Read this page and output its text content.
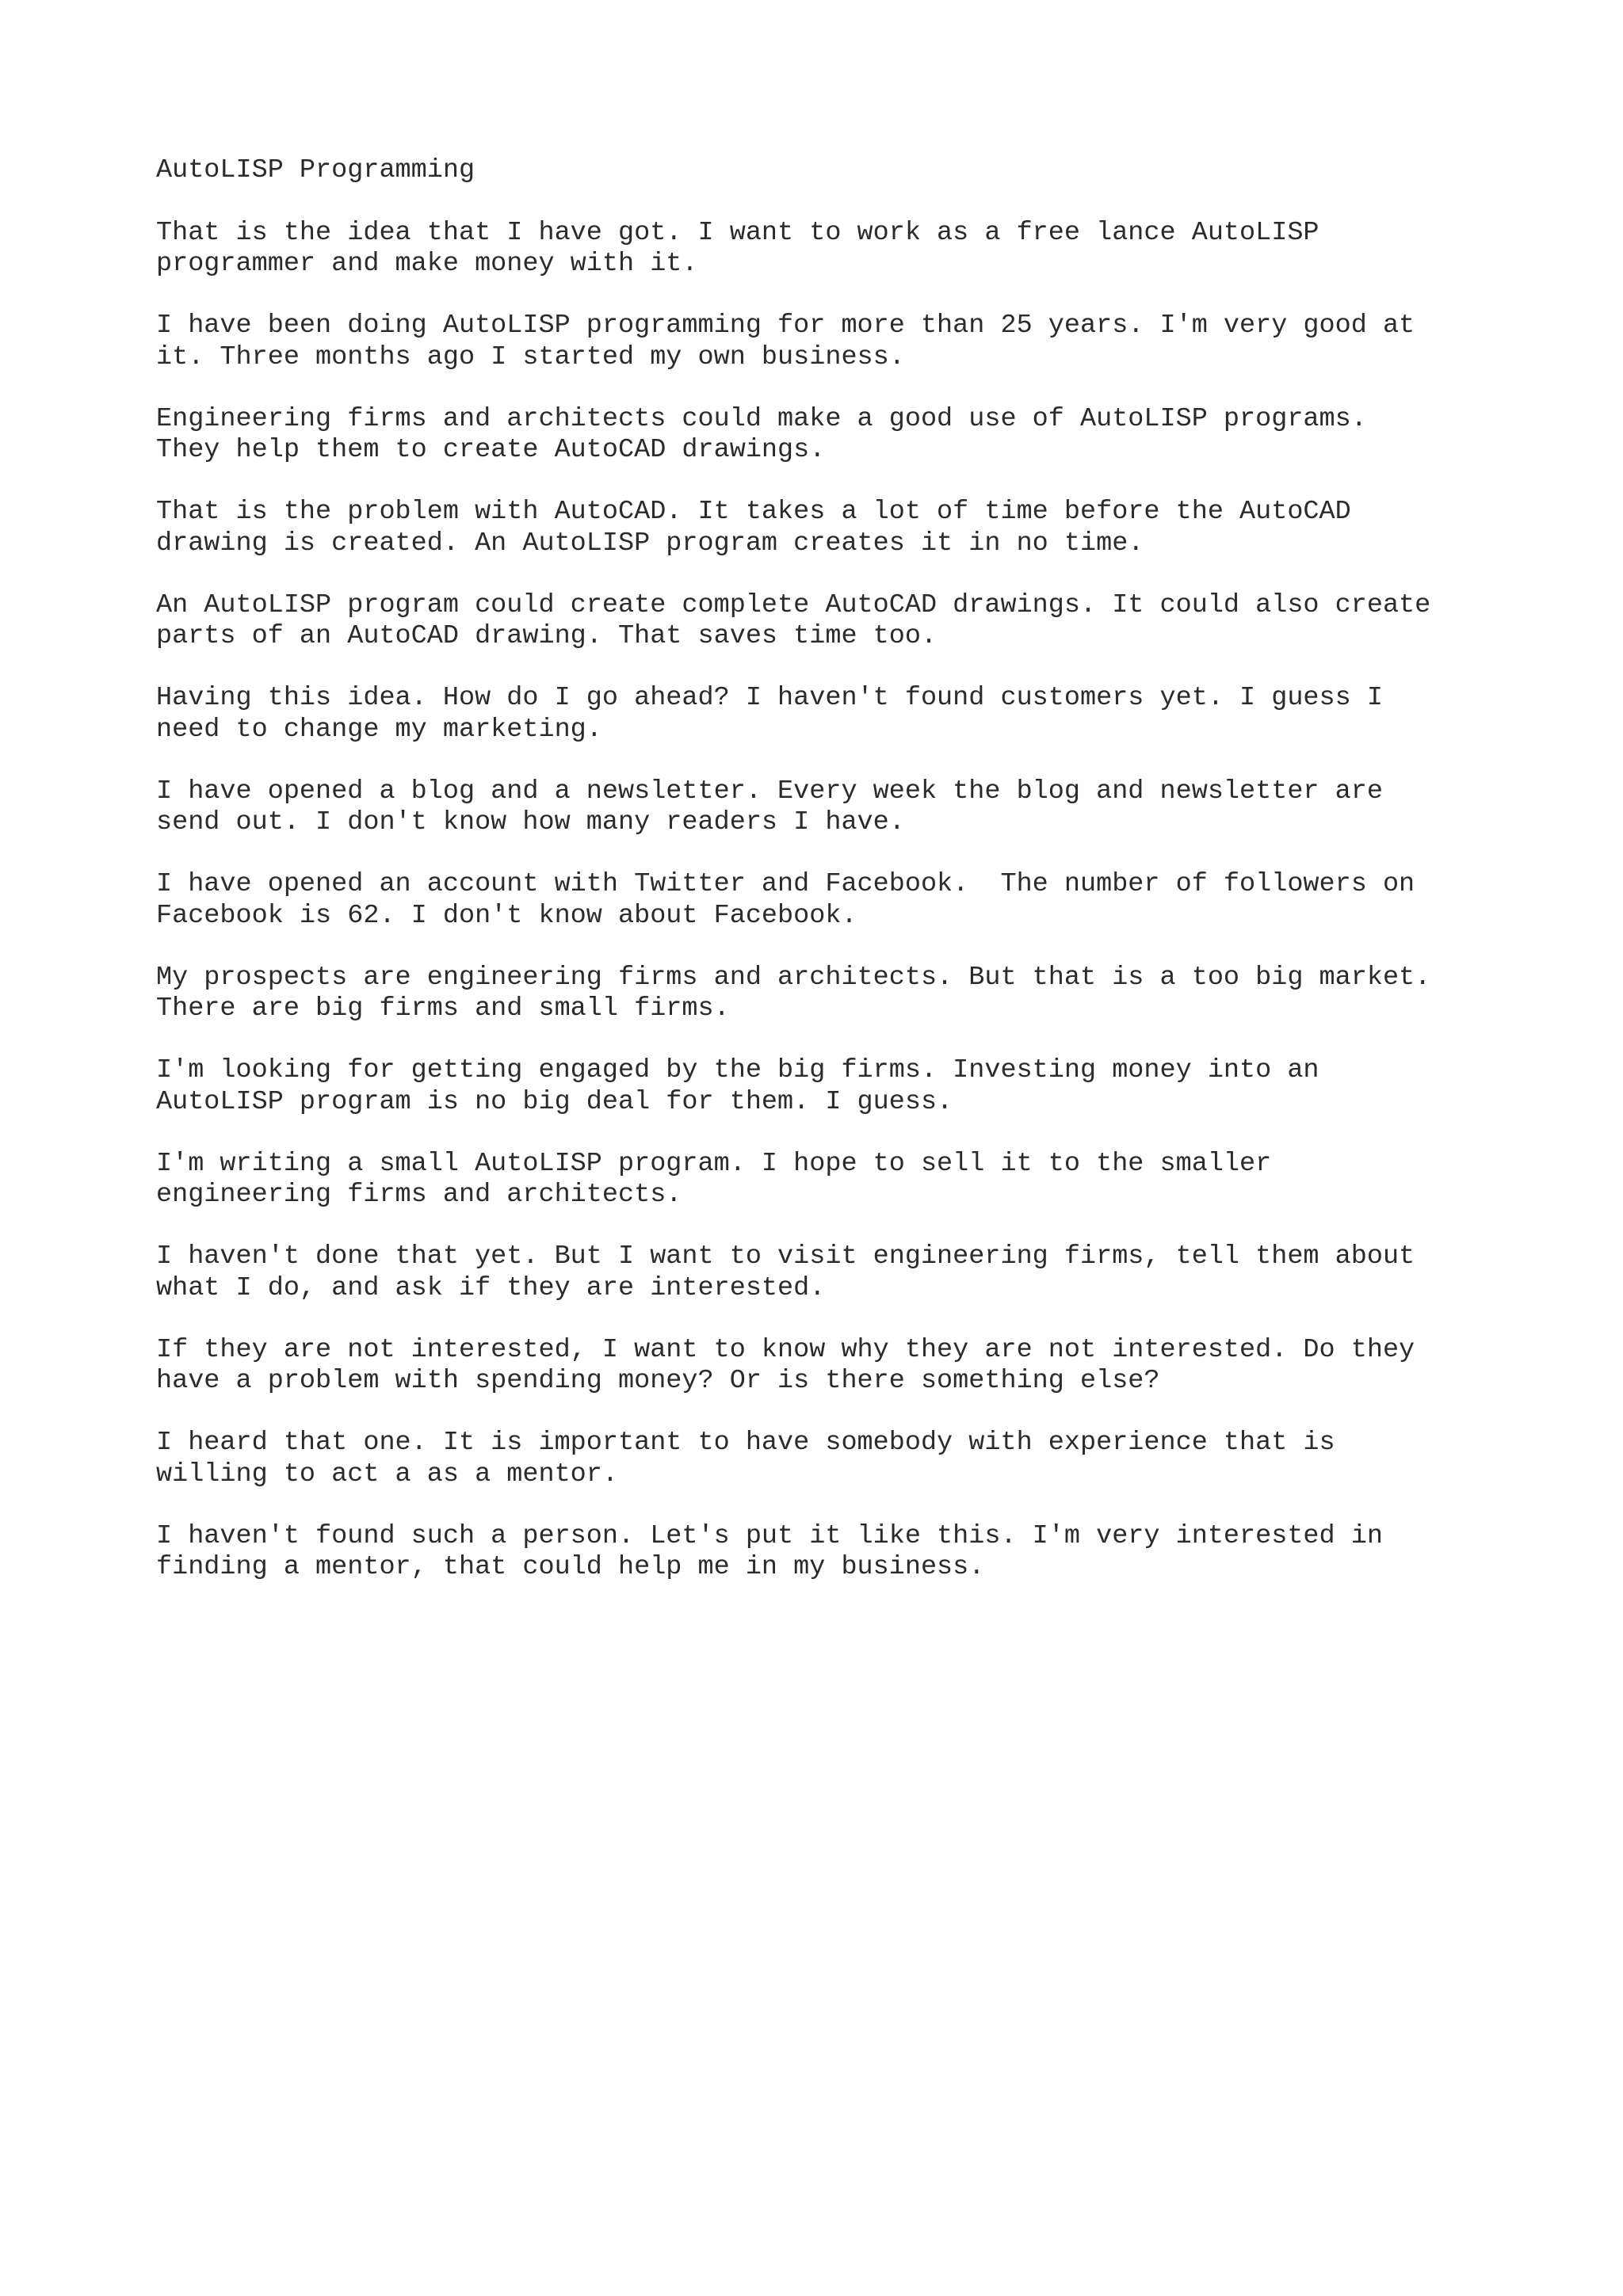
AutoLISP Programming
That is the idea that I have got. I want to work as a free lance AutoLISP
programmer and make money with it.
I have been doing AutoLISP programming for more than 25 years. I'm very good at
it. Three months ago I started my own business.
Engineering firms and architects could make a good use of AutoLISP programs.
They help them to create AutoCAD drawings.
That is the problem with AutoCAD. It takes a lot of time before the AutoCAD
drawing is created. An AutoLISP program creates it in no time.
An AutoLISP program could create complete AutoCAD drawings. It could also create
parts of an AutoCAD drawing. That saves time too.
Having this idea. How do I go ahead? I haven't found customers yet. I guess I
need to change my marketing.
I have opened a blog and a newsletter. Every week the blog and newsletter are
send out. I don't know how many readers I have.
I have opened an account with Twitter and Facebook.  The number of followers on
Facebook is 62. I don't know about Facebook.
My prospects are engineering firms and architects. But that is a too big market.
There are big firms and small firms.
I'm looking for getting engaged by the big firms. Investing money into an
AutoLISP program is no big deal for them. I guess.
I'm writing a small AutoLISP program. I hope to sell it to the smaller
engineering firms and architects.
I haven't done that yet. But I want to visit engineering firms, tell them about
what I do, and ask if they are interested.
If they are not interested, I want to know why they are not interested. Do they
have a problem with spending money? Or is there something else?
I heard that one. It is important to have somebody with experience that is
willing to act a as a mentor.
I haven't found such a person. Let's put it like this. I'm very interested in
finding a mentor, that could help me in my business.
